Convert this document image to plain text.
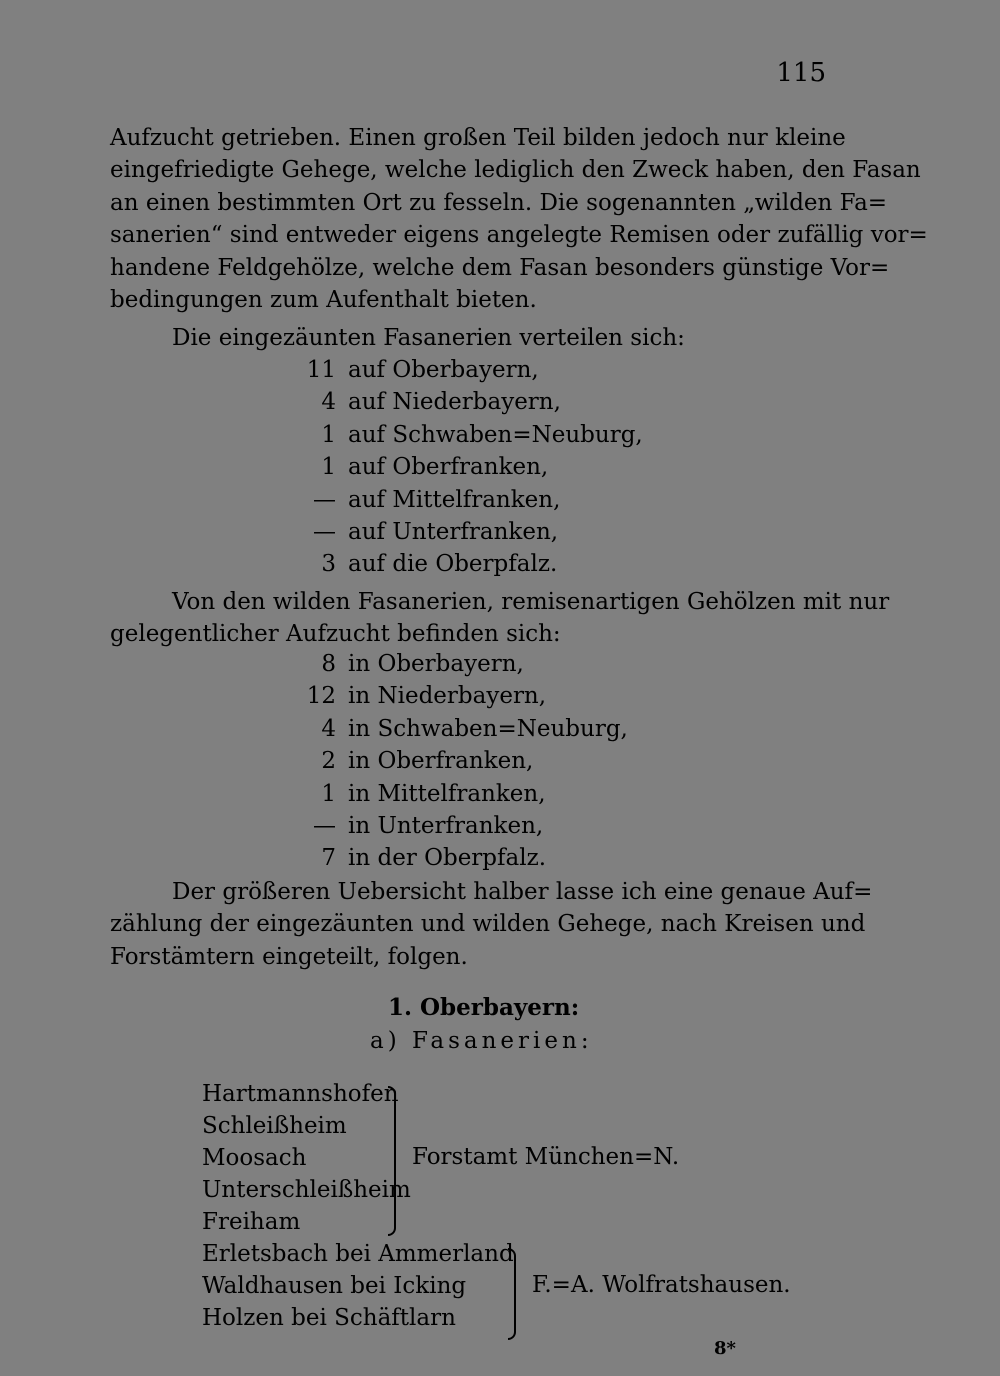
115
Aufzucht getrieben. Einen großen Teil bilden jedoch nur kleine
eingefriedigte Gehege, welche lediglich den Zweck haben, den Fasan
an einen bestimmten Ort zu fesseln. Die sogenannten „wilden Fa=
sanerien“ sind entweder eigens angelegte Remisen oder zufällig vor=
handene Feldgehölze, welche dem Fasan besonders günstige Vor=
bedingungen zum Aufenthalt bieten.
Die eingezäunten Fasanerien verteilen sich:
11 auf Oberbayern,
4 auf Niederbayern,
1 auf Schwaben=Neuburg,
1 auf Oberfranken,
— auf Mittelfranken,
— auf Unterfranken,
3 auf die Oberpfalz.
Von den wilden Fasanerien, remisenartigen Gehölzen mit nur
gelegentlicher Aufzucht befinden sich:
8 in Oberbayern,
12 in Niederbayern,
4 in Schwaben=Neuburg,
2 in Oberfranken,
1 in Mittelfranken,
— in Unterfranken,
7 in der Oberpfalz.
Der größeren Uebersicht halber lasse ich eine genaue Auf=
zählung der eingezäunten und wilden Gehege, nach Kreisen und
Forstämtern eingeteilt, folgen.
1. Oberbayern:
a) Fasanerien:
Hartmannshofen
Schleißheim
Moosach
Unterschleißheim
Freiham
Forstamt München=N.
Erletsbach bei Ammerland
Waldhausen bei Icking
Holzen bei Schäftlarn
F.=A. Wolfratshausen.
8*
